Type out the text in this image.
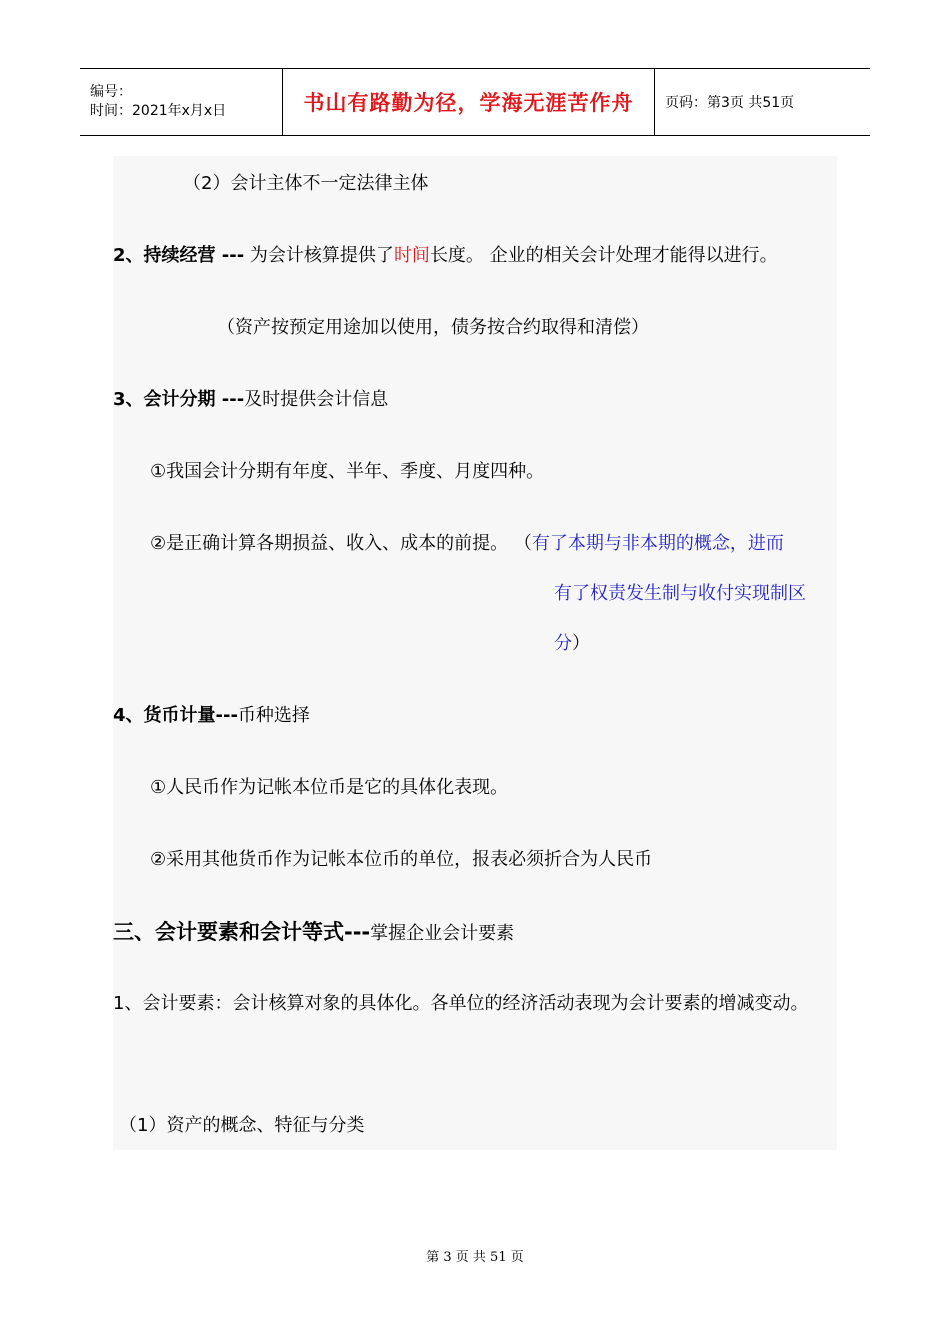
编号：
时间：2021年x月x日	书山有路勤为径，学海无涯苦作舟 页码：第3页 共51页
（2）会计主体不一定法律主体
2、持续经营 --- 为会计核算提供了时间长度。 企业的相关会计处理才能得以进行。
（资产按预定用途加以使用，债务按合约取得和清偿）
3、会计分期 ---及时提供会计信息
①我国会计分期有年度、半年、季度、月度四种。
②是正确计算各期损益、收入、成本的前提。 （有了本期与非本期的概念，进而
有了权责发生制与收付实现制区
分）
4、货币计量---币种选择
①人民币作为记帐本位币是它的具体化表现。
②采用其他货币作为记帐本位币的单位，报表必须折合为人民币
三、会计要素和会计等式---掌握企业会计要素
1、会计要素：会计核算对象的具体化。各单位的经济活动表现为会计要素的增减变动。
（1）资产的概念、特征与分类
第 3 页 共 51 页
